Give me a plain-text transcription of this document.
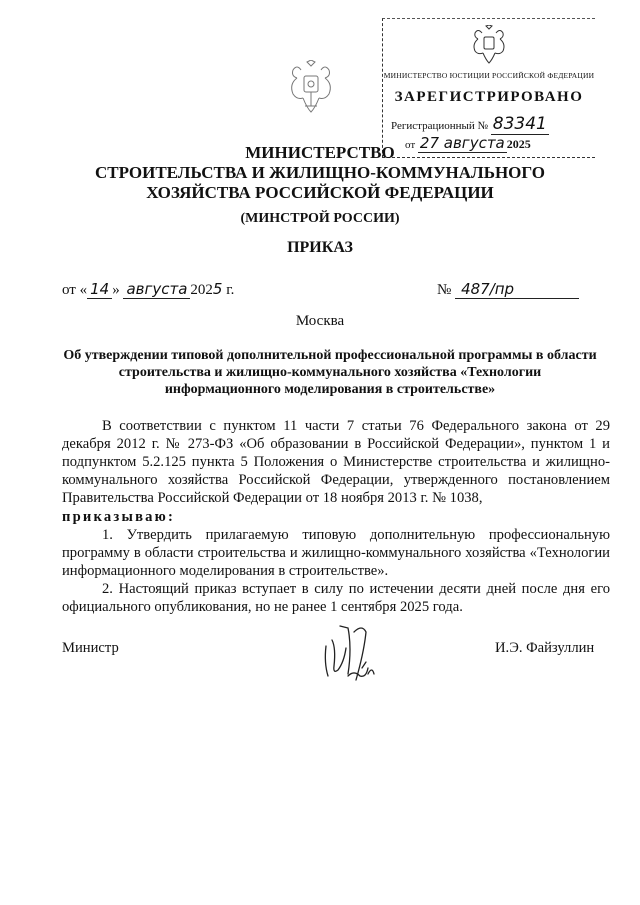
МИНИСТЕРСТВО ЮСТИЦИИ РОССИЙСКОЙ ФЕДЕРАЦИИ
ЗАРЕГИСТРИРОВАНО
Регистрационный № 83341
от 27 августа 2025
МИНИСТЕРСТВО
СТРОИТЕЛЬСТВА И ЖИЛИЩНО-КОММУНАЛЬНОГО
ХОЗЯЙСТВА РОССИЙСКОЙ ФЕДЕРАЦИИ
(МИНСТРОЙ РОССИИ)
ПРИКАЗ
от « 14 » августа 2025 г.	№ 487/пр
Москва
Об утверждении типовой дополнительной профессиональной программы в области строительства и жилищно-коммунального хозяйства «Технологии информационного моделирования в строительстве»
В соответствии с пунктом 11 части 7 статьи 76 Федерального закона от 29 декабря 2012 г. № 273-ФЗ «Об образовании в Российской Федерации», пунктом 1 и подпунктом 5.2.125 пункта 5 Положения о Министерстве строительства и жилищно-коммунального хозяйства Российской Федерации, утвержденного постановлением Правительства Российской Федерации от 18 ноября 2013 г. № 1038,
приказываю:
1. Утвердить прилагаемую типовую дополнительную профессиональную программу в области строительства и жилищно-коммунального хозяйства «Технологии информационного моделирования в строительстве».
2. Настоящий приказ вступает в силу по истечении десяти дней после дня его официального опубликования, но не ранее 1 сентября 2025 года.
Министр	И.Э. Файзуллин
